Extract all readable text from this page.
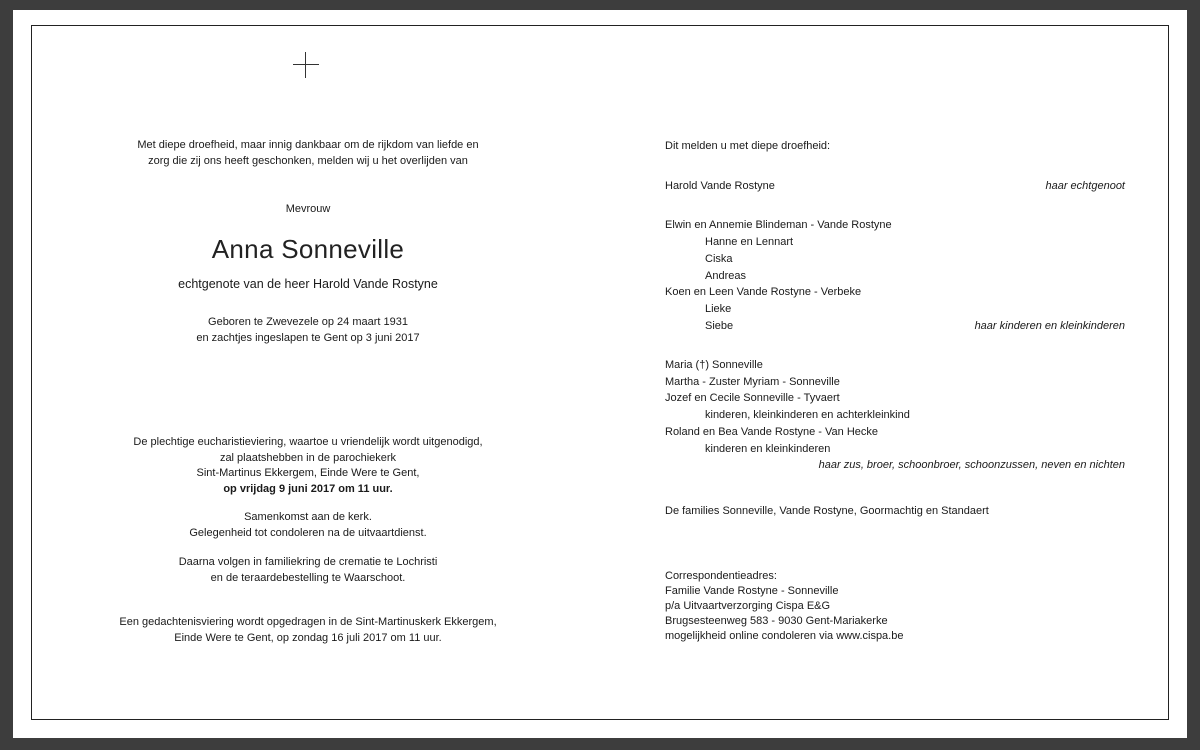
Met diepe droefheid, maar innig dankbaar om de rijkdom van liefde en
zorg die zij ons heeft geschonken, melden wij u het overlijden van
Mevrouw
Anna Sonneville
echtgenote van de heer Harold Vande Rostyne
Geboren te Zwevezele op 24 maart 1931
en zachtjes ingeslapen te Gent op 3 juni 2017
De plechtige eucharistieviering, waartoe u vriendelijk wordt uitgenodigd,
zal plaatshebben in de parochiekerk
Sint-Martinus Ekkergem, Einde Were te Gent,
op vrijdag 9 juni 2017 om 11 uur.
Samenkomst aan de kerk.
Gelegenheid tot condoleren na de uitvaartdienst.
Daarna volgen in familiekring de crematie te Lochristi
en de teraardebestelling te Waarschoot.
Een gedachtenisviering wordt opgedragen in de Sint-Martinuskerk Ekkergem,
Einde Were te Gent, op zondag 16 juli 2017 om 11 uur.
Dit melden u met diepe droefheid:
Harold Vande Rostyne	haar echtgenoot
Elwin en Annemie Blindeman - Vande Rostyne
Hanne en Lennart
Ciska
Andreas
Koen en Leen Vande Rostyne - Verbeke
Lieke
Siebe	haar kinderen en kleinkinderen
Maria (†) Sonneville
Martha - Zuster Myriam - Sonneville
Jozef en Cecile Sonneville - Tyvaert
kinderen, kleinkinderen en achterkleinkind
Roland en Bea Vande Rostyne - Van Hecke
kinderen en kleinkinderen
haar zus, broer, schoonbroer, schoonzussen, neven en nichten
De families Sonneville, Vande Rostyne, Goormachtig en Standaert
Correspondentieadres:
Familie Vande Rostyne - Sonneville
p/a Uitvaartverzorging Cispa E&G
Brugsesteenweg 583 - 9030 Gent-Mariakerke
mogelijkheid online condoleren via www.cispa.be
